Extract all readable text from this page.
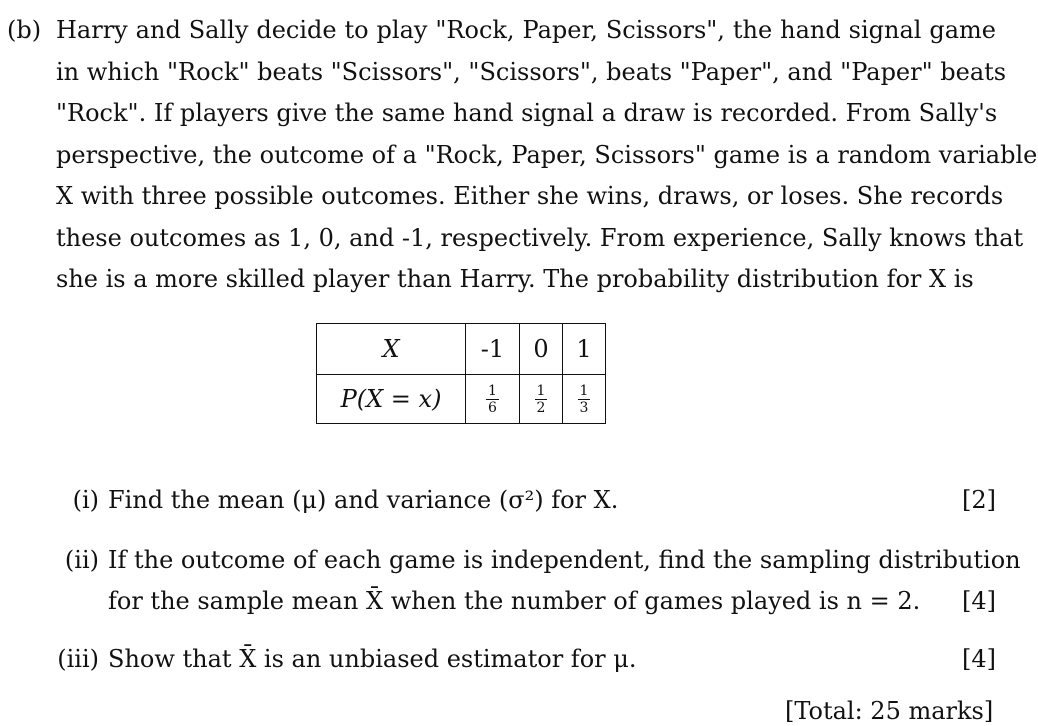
(b) Harry and Sally decide to play "Rock, Paper, Scissors", the hand signal game
in which "Rock" beats "Scissors", "Scissors", beats "Paper", and "Paper" beats
"Rock". If players give the same hand signal a draw is recorded. From Sally's
perspective, the outcome of a "Rock, Paper, Scissors" game is a random variable
X with three possible outcomes. Either she wins, draws, or loses. She records
these outcomes as 1, 0, and -1, respectively. From experience, Sally knows that
she is a more skilled player than Harry. The probability distribution for X is
X	-1	0	1
P(X = x)	$\frac{1}{6}$	$\frac{1}{2}$	$\frac{1}{3}$
(i) Find the mean (μ) and variance (σ²) for X.	[2]
(ii) If the outcome of each game is independent, find the sampling distribution
for the sample mean X̄ when the number of games played is n = 2. [4]
(iii) Show that X̄ is an unbiased estimator for μ.	[4]
[Total: 25 marks]
